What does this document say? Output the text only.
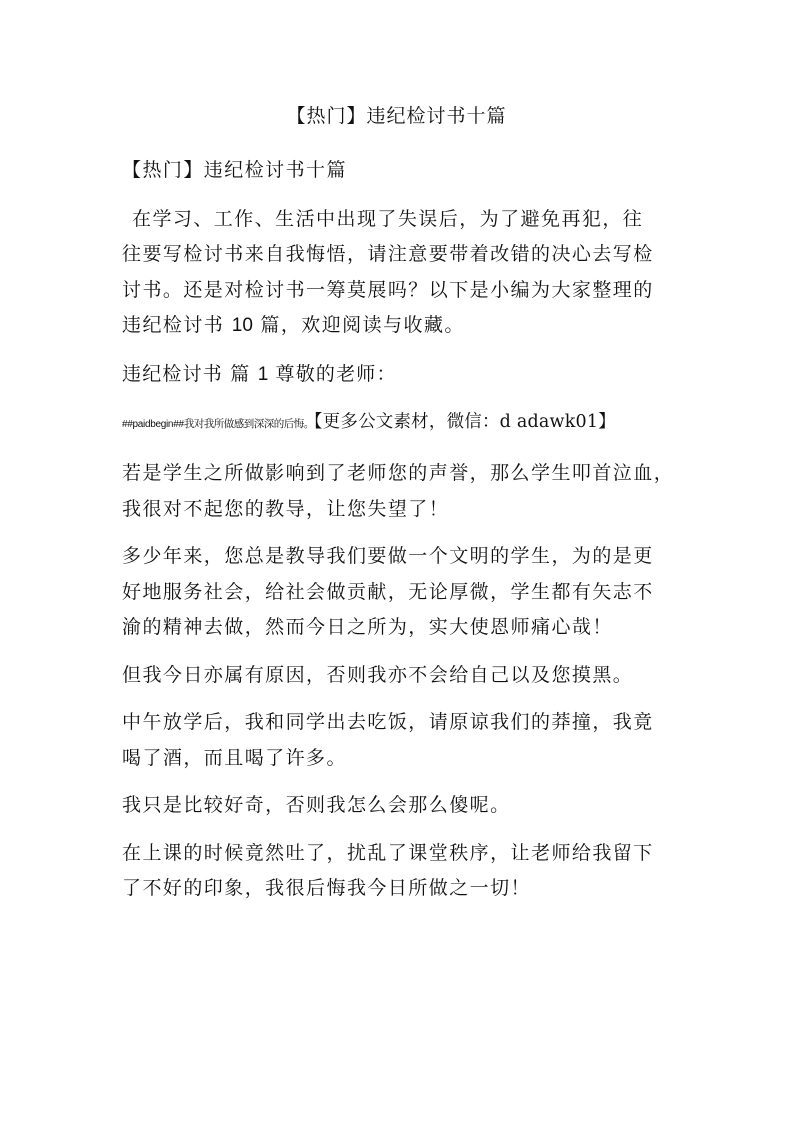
【热门】违纪检讨书十篇

【热门】违纪检讨书十篇

在学习、工作、生活中出现了失误后，为了避免再犯，往
往要写检讨书来自我悔悟，请注意要带着改错的决心去写检
讨书。还是对检讨书一筹莫展吗？以下是小编为大家整理的
违纪检讨书 10 篇，欢迎阅读与收藏。

违纪检讨书 篇 1 尊敬的老师：

##paidbegin##我对我所做感到深深的后悔。【更多公文素材，微信：d adawk01】

若是学生之所做影响到了老师您的声誉，那么学生叩首泣血，
我很对不起您的教导，让您失望了！

多少年来，您总是教导我们要做一个文明的学生，为的是更
好地服务社会，给社会做贡献，无论厚微，学生都有矢志不
渝的精神去做，然而今日之所为，实大使恩师痛心哉！

但我今日亦属有原因，否则我亦不会给自己以及您摸黑。

中午放学后，我和同学出去吃饭，请原谅我们的莽撞，我竟
喝了酒，而且喝了许多。

我只是比较好奇，否则我怎么会那么傻呢。

在上课的时候竟然吐了，扰乱了课堂秩序，让老师给我留下
了不好的印象，我很后悔我今日所做之一切！
